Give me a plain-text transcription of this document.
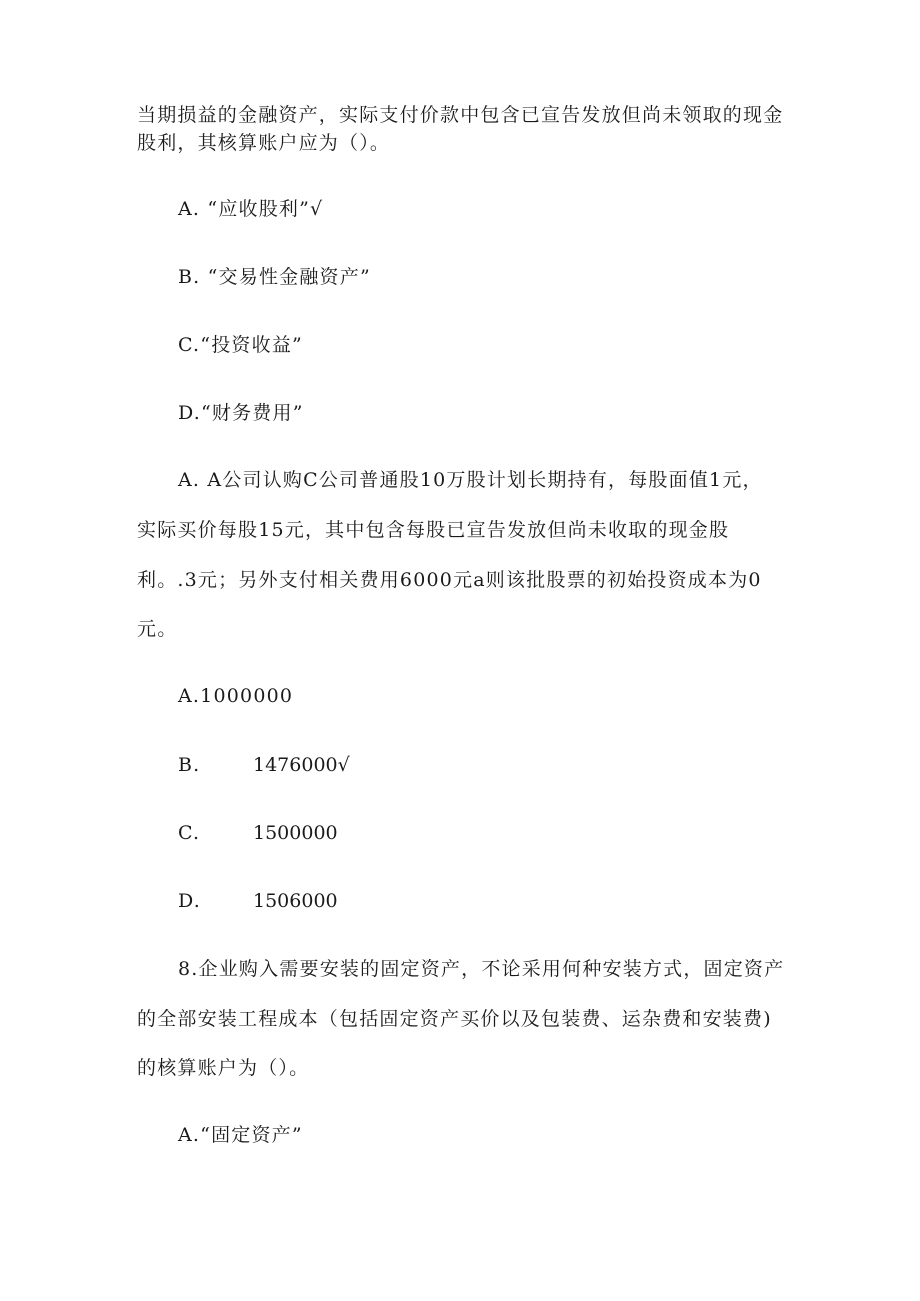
当期损益的金融资产，实际支付价款中包含已宣告发放但尚未领取的现金
股利，其核算账户应为（）。
A. “应收股利”√
B. “交易性金融资产”
C.“投资收益”
D.“财务费用”
A. A公司认购C公司普通股10万股计划长期持有，每股面值1元，
实际买价每股15元，其中包含每股已宣告发放但尚未收取的现金股
利。.3元；另外支付相关费用6000元a则该批股票的初始投资成本为0
元。
A.1000000
B.	1476000√
C.	1500000
D.	1506000
8.企业购入需要安装的固定资产，不论采用何种安装方式，固定资产
的全部安装工程成本（包括固定资产买价以及包装费、运杂费和安装费)
的核算账户为（）。
A.“固定资产”
